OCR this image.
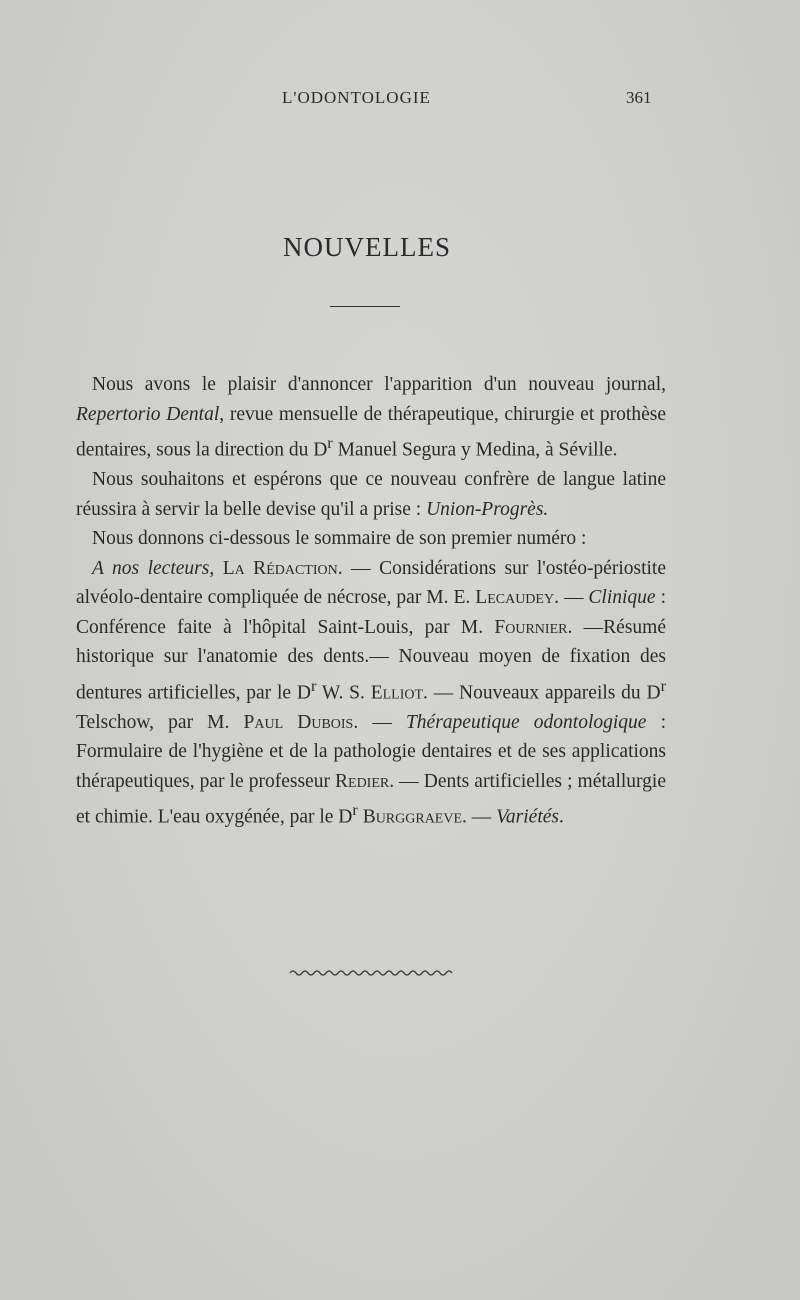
L'ODONTOLOGIE	361
NOUVELLES

Nous avons le plaisir d'annoncer l'apparition d'un nouveau journal, Repertorio Dental, revue mensuelle de thérapeutique, chirurgie et prothèse dentaires, sous la direction du $D^r$ Manuel Segura y Medina, à Séville.

Nous souhaitons et espérons que ce nouveau confrère de langue latine réussira à servir la belle devise qu'il a prise : Union-Progrès.

Nous donnons ci-dessous le sommaire de son premier numéro :

A nos lecteurs, La Rédaction. — Considérations sur l'ostéo-périostite alvéolo-dentaire compliquée de nécrose, par M. E. Lecaudey. — Clinique : Conférence faite à l'hôpital Saint-Louis, par M. Fournier. —Résumé historique sur l'anatomie des dents.— Nouveau moyen de fixation des dentures artificielles, par le $D^r$ W. S. Elliot. — Nouveaux appareils du $D^r$ Telschow, par M. Paul Dubois. — Thérapeutique odontologique : Formulaire de l'hygiène et de la pathologie dentaires et de ses applications thérapeutiques, par le professeur Redier. — Dents artificielles ; métallurgie et chimie. L'eau oxygénée, par le $D^r$ Burggraeve. — Variétés.
